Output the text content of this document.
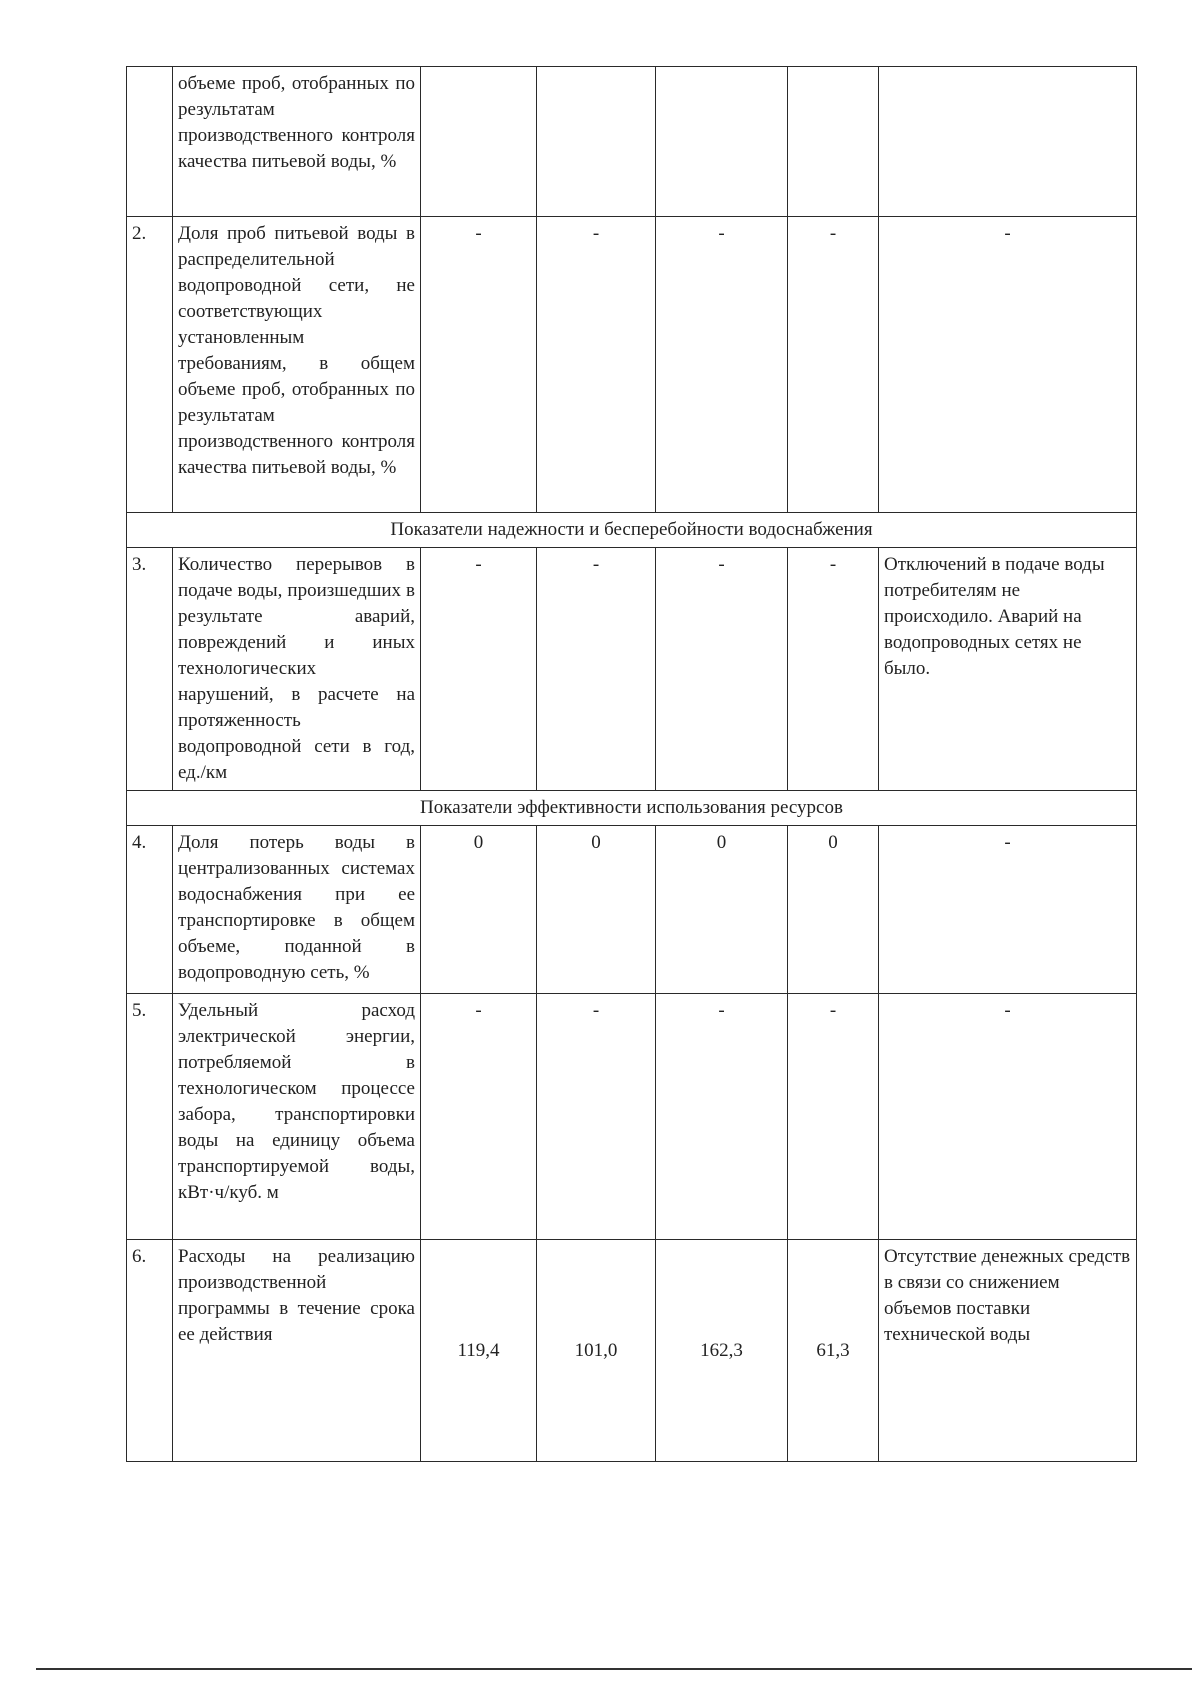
	объеме проб, отобранных по результатам производственного контроля качества питьевой воды, %					
2.	Доля проб питьевой воды в распределительной водопроводной сети, не соответствующих установленным требованиям, в общем объеме проб, отобранных по результатам производственного контроля качества питьевой воды, %	-	-	-	-	-
Показатели надежности и бесперебойности водоснабжения						
3.	Количество перерывов в подаче воды, произшедших в результате аварий, повреждений и иных технологических нарушений, в расчете на протяженность водопроводной сети в год, ед./км	-	-	-	-	Отключений в подаче воды потребителям не происходило. Аварий на водопроводных сетях не было.
Показатели эффективности использования ресурсов						
4.	Доля потерь воды в централизованных системах водоснабжения при ее транспортировке в общем объеме, поданной в водопроводную сеть, %	0	0	0	0	-
5.	Удельный расход электрической энергии, потребляемой в технологическом процессе забора, транспортировки воды на единицу объема транспортируемой воды, кВт·ч/куб. м	-	-	-	-	-
6.	Расходы на реализацию производственной программы в течение срока ее действия	119,4	101,0	162,3	61,3	Отсутствие денежных средств в связи со снижением объемов поставки технической воды
